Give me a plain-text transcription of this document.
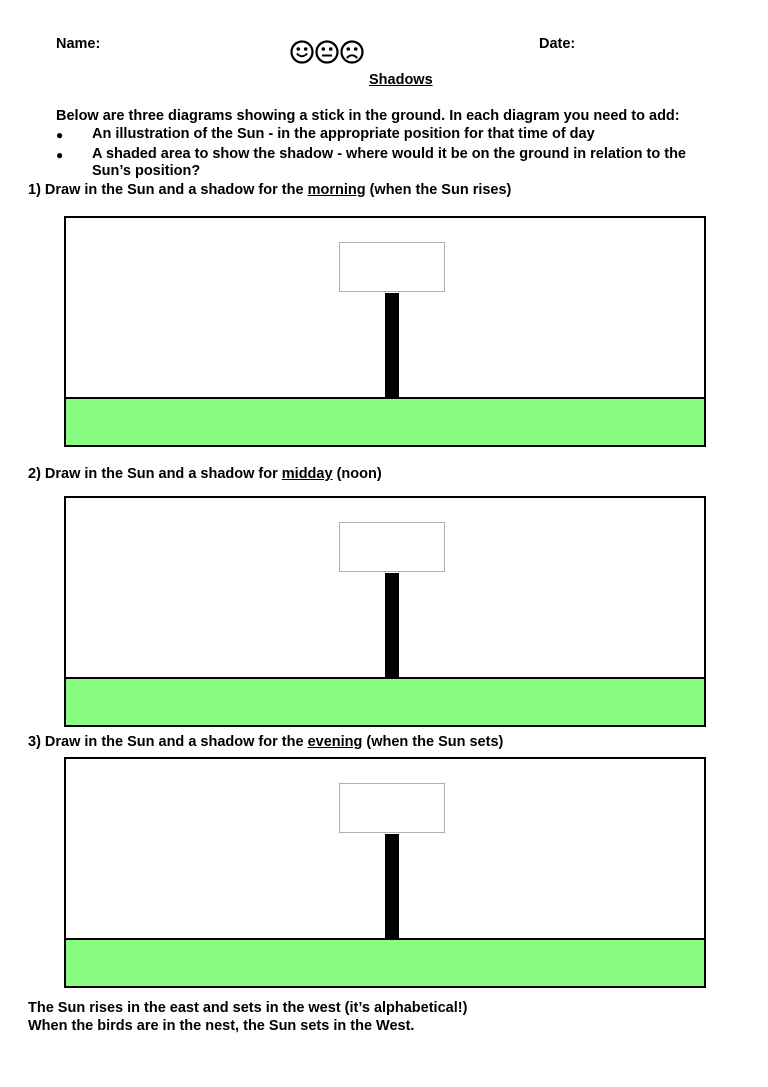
Name:	Date:
Shadows
Below are three diagrams showing a stick in the ground. In each diagram you need to add:
● An illustration of the Sun - in the appropriate position for that time of day
● A shaded area to show the shadow - where would it be on the ground in relation to the
Sun’s position?
1) Draw in the Sun and a shadow for the morning (when the Sun rises)
2) Draw in the Sun and a shadow for midday (noon)
3) Draw in the Sun and a shadow for the evening (when the Sun sets)
The Sun rises in the east and sets in the west (it’s alphabetical!)
When the birds are in the nest, the Sun sets in the West.
